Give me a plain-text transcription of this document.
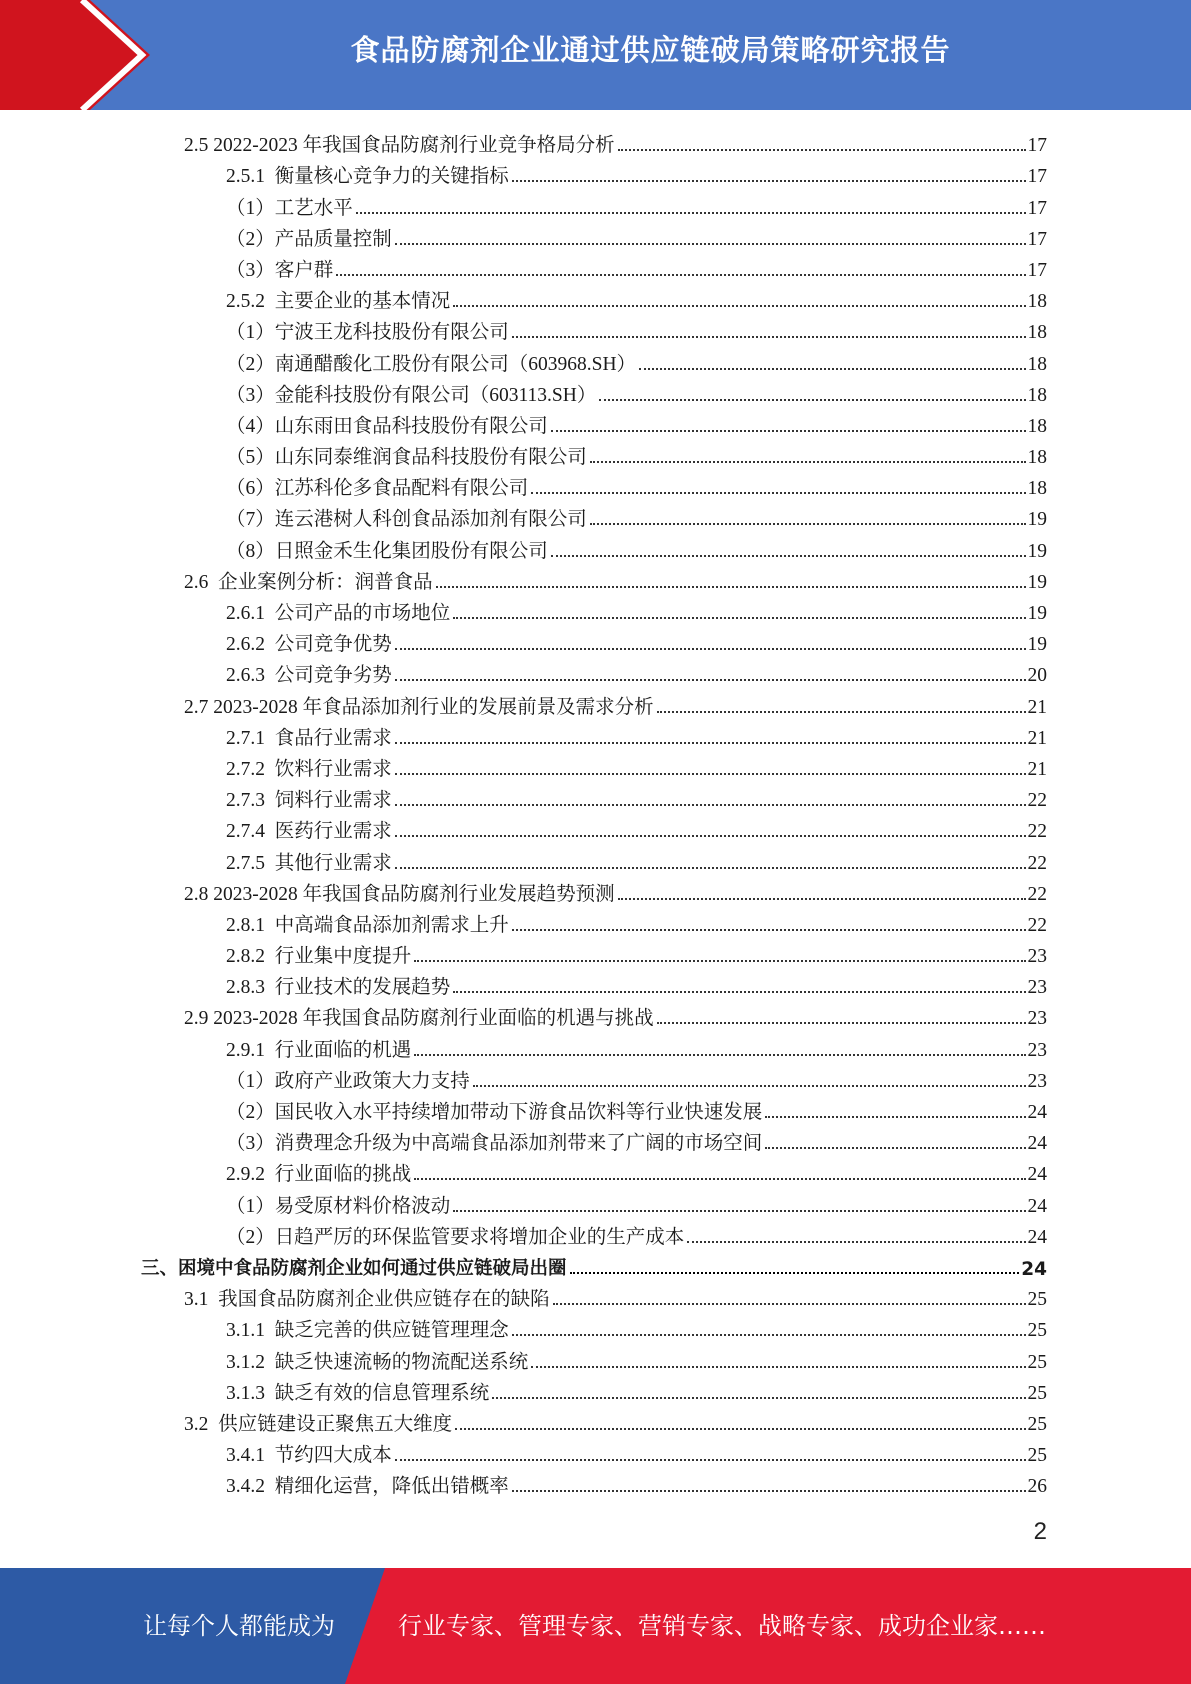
食品防腐剂企业通过供应链破局策略研究报告
2.5 2022-2023 年我国食品防腐剂行业竞争格局分析	17
2.5.1  衡量核心竞争力的关键指标	17
（1）工艺水平	17
（2）产品质量控制	17
（3）客户群	17
2.5.2  主要企业的基本情况	18
（1）宁波王龙科技股份有限公司	18
（2）南通醋酸化工股份有限公司（603968.SH）	18
（3）金能科技股份有限公司（603113.SH）	18
（4）山东雨田食品科技股份有限公司	18
（5）山东同泰维润食品科技股份有限公司	18
（6）江苏科伦多食品配料有限公司	18
（7）连云港树人科创食品添加剂有限公司	19
（8）日照金禾生化集团股份有限公司	19
2.6  企业案例分析：润普食品	19
2.6.1  公司产品的市场地位	19
2.6.2  公司竞争优势	19
2.6.3  公司竞争劣势	20
2.7 2023-2028 年食品添加剂行业的发展前景及需求分析	21
2.7.1  食品行业需求	21
2.7.2  饮料行业需求	21
2.7.3  饲料行业需求	22
2.7.4  医药行业需求	22
2.7.5  其他行业需求	22
2.8 2023-2028 年我国食品防腐剂行业发展趋势预测	22
2.8.1  中高端食品添加剂需求上升	22
2.8.2  行业集中度提升	23
2.8.3  行业技术的发展趋势	23
2.9 2023-2028 年我国食品防腐剂行业面临的机遇与挑战	23
2.9.1  行业面临的机遇	23
（1）政府产业政策大力支持	23
（2）国民收入水平持续增加带动下游食品饮料等行业快速发展	24
（3）消费理念升级为中高端食品添加剂带来了广阔的市场空间	24
2.9.2  行业面临的挑战	24
（1）易受原材料价格波动	24
（2）日趋严厉的环保监管要求将增加企业的生产成本	24
三、困境中食品防腐剂企业如何通过供应链破局出圈	24
3.1  我国食品防腐剂企业供应链存在的缺陷	25
3.1.1  缺乏完善的供应链管理理念	25
3.1.2  缺乏快速流畅的物流配送系统	25
3.1.3  缺乏有效的信息管理系统	25
3.2  供应链建设正聚焦五大维度	25
3.4.1  节约四大成本	25
3.4.2  精细化运营，降低出错概率	26
2
让每个人都能成为	行业专家、管理专家、营销专家、战略专家、成功企业家……
